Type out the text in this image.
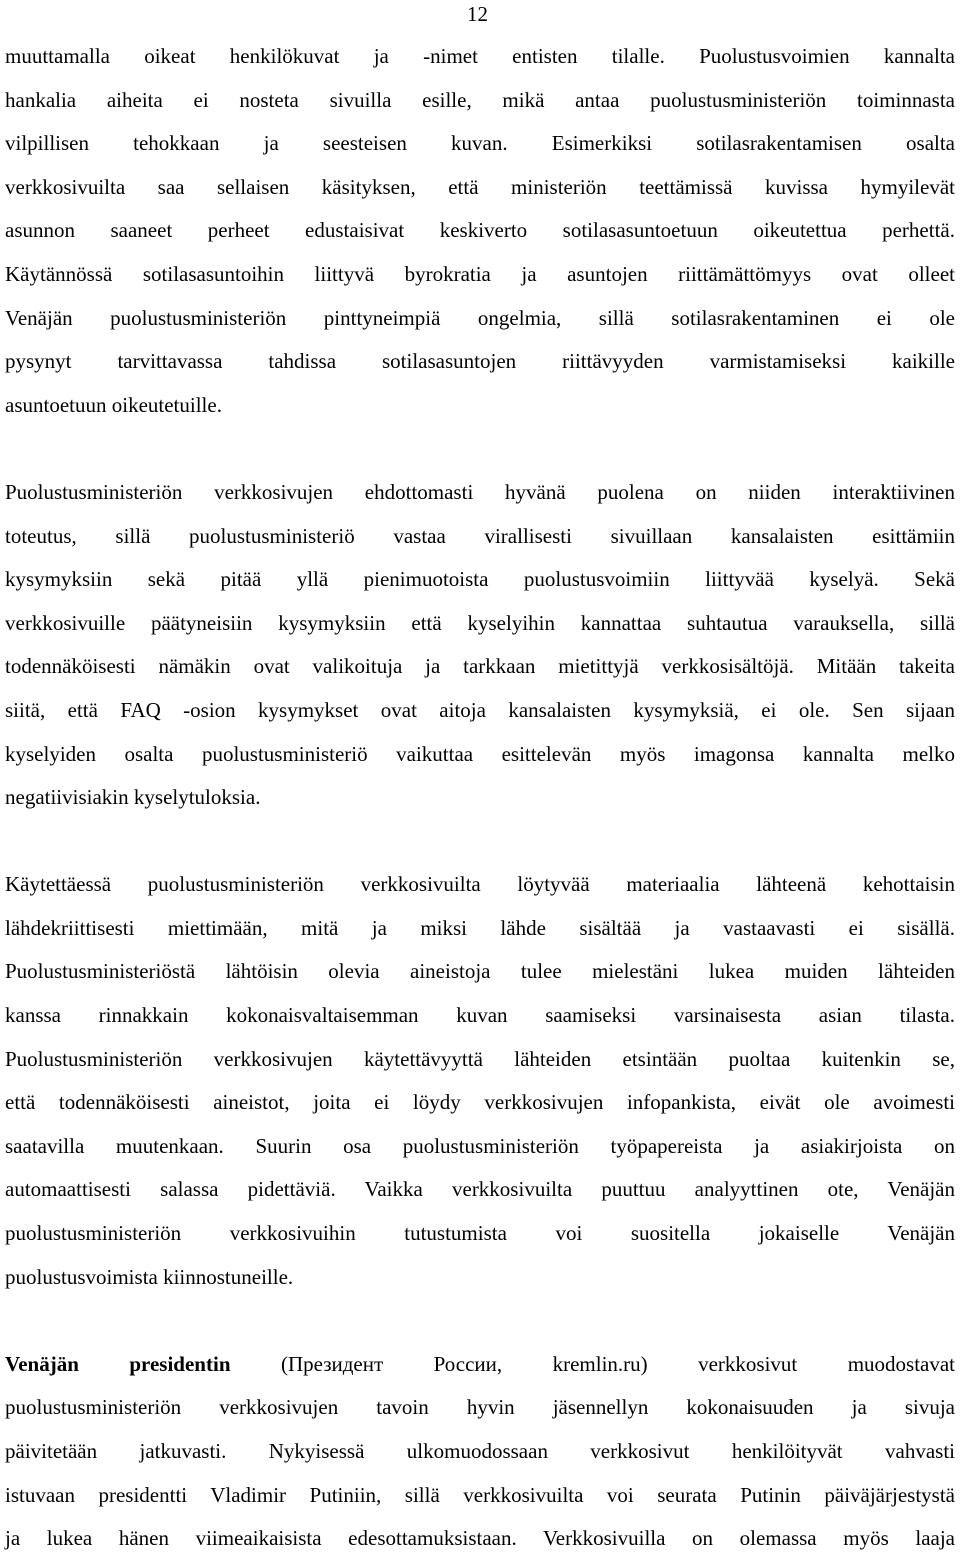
12
muuttamalla oikeat henkilökuvat ja -nimet entisten tilalle. Puolustusvoimien kannalta
hankalia aiheita ei nosteta sivuilla esille, mikä antaa puolustusministeriön toiminnasta
vilpillisen tehokkaan ja seesteisen kuvan. Esimerkiksi sotilasrakentamisen osalta
verkkosivuilta saa sellaisen käsityksen, että ministeriön teettämissä kuvissa hymyilevät
asunnon saaneet perheet edustaisivat keskiverto sotilasasuntoetuun oikeutettua perhettä.
Käytännössä sotilasasuntoihin liittyvä byrokratia ja asuntojen riittämättömyys ovat olleet
Venäjän puolustusministeriön pinttyneimpiä ongelmia, sillä sotilasrakentaminen ei ole
pysynyt tarvittavassa tahdissa sotilasasuntojen riittävyyden varmistamiseksi kaikille
asuntoetuun oikeutetuille.
Puolustusministeriön verkkosivujen ehdottomasti hyvänä puolena on niiden interaktiivinen
toteutus, sillä puolustusministeriö vastaa virallisesti sivuillaan kansalaisten esittämiin
kysymyksiin sekä pitää yllä pienimuotoista puolustusvoimiin liittyvää kyselyä. Sekä
verkkosivuille päätyneisiin kysymyksiin että kyselyihin kannattaa suhtautua varauksella, sillä
todennäköisesti nämäkin ovat valikoituja ja tarkkaan mietittyjä verkkosisältöjä. Mitään takeita
siitä, että FAQ -osion kysymykset ovat aitoja kansalaisten kysymyksiä, ei ole. Sen sijaan
kyselyiden osalta puolustusministeriö vaikuttaa esittelevän myös imagonsa kannalta melko
negatiivisiakin kyselytuloksia.
Käytettäessä puolustusministeriön verkkosivuilta löytyvää materiaalia lähteenä kehottaisin
lähdekriittisesti miettimään, mitä ja miksi lähde sisältää ja vastaavasti ei sisällä.
Puolustusministeriöstä lähtöisin olevia aineistoja tulee mielestäni lukea muiden lähteiden
kanssa rinnakkain kokonaisvaltaisemman kuvan saamiseksi varsinaisesta asian tilasta.
Puolustusministeriön verkkosivujen käytettävyyttä lähteiden etsintään puoltaa kuitenkin se,
että todennäköisesti aineistot, joita ei löydy verkkosivujen infopankista, eivät ole avoimesti
saatavilla muutenkaan. Suurin osa puolustusministeriön työpapereista ja asiakirjoista on
automaattisesti salassa pidettäviä. Vaikka verkkosivuilta puuttuu analyyttinen ote, Venäjän
puolustusministeriön verkkosivuihin tutustumista voi suositella jokaiselle Venäjän
puolustusvoimista kiinnostuneille.
Venäjän presidentin (Президент России, kremlin.ru) verkkosivut muodostavat
puolustusministeriön verkkosivujen tavoin hyvin jäsennellyn kokonaisuuden ja sivuja
päivitetään jatkuvasti. Nykyisessä ulkomuodossaan verkkosivut henkilöityvät vahvasti
istuvaan presidentti Vladimir Putiniin, sillä verkkosivuilta voi seurata Putinin päiväjärjestystä
ja lukea hänen viimeaikaisista edesottamuksistaan. Verkkosivuilla on olemassa myös laaja
